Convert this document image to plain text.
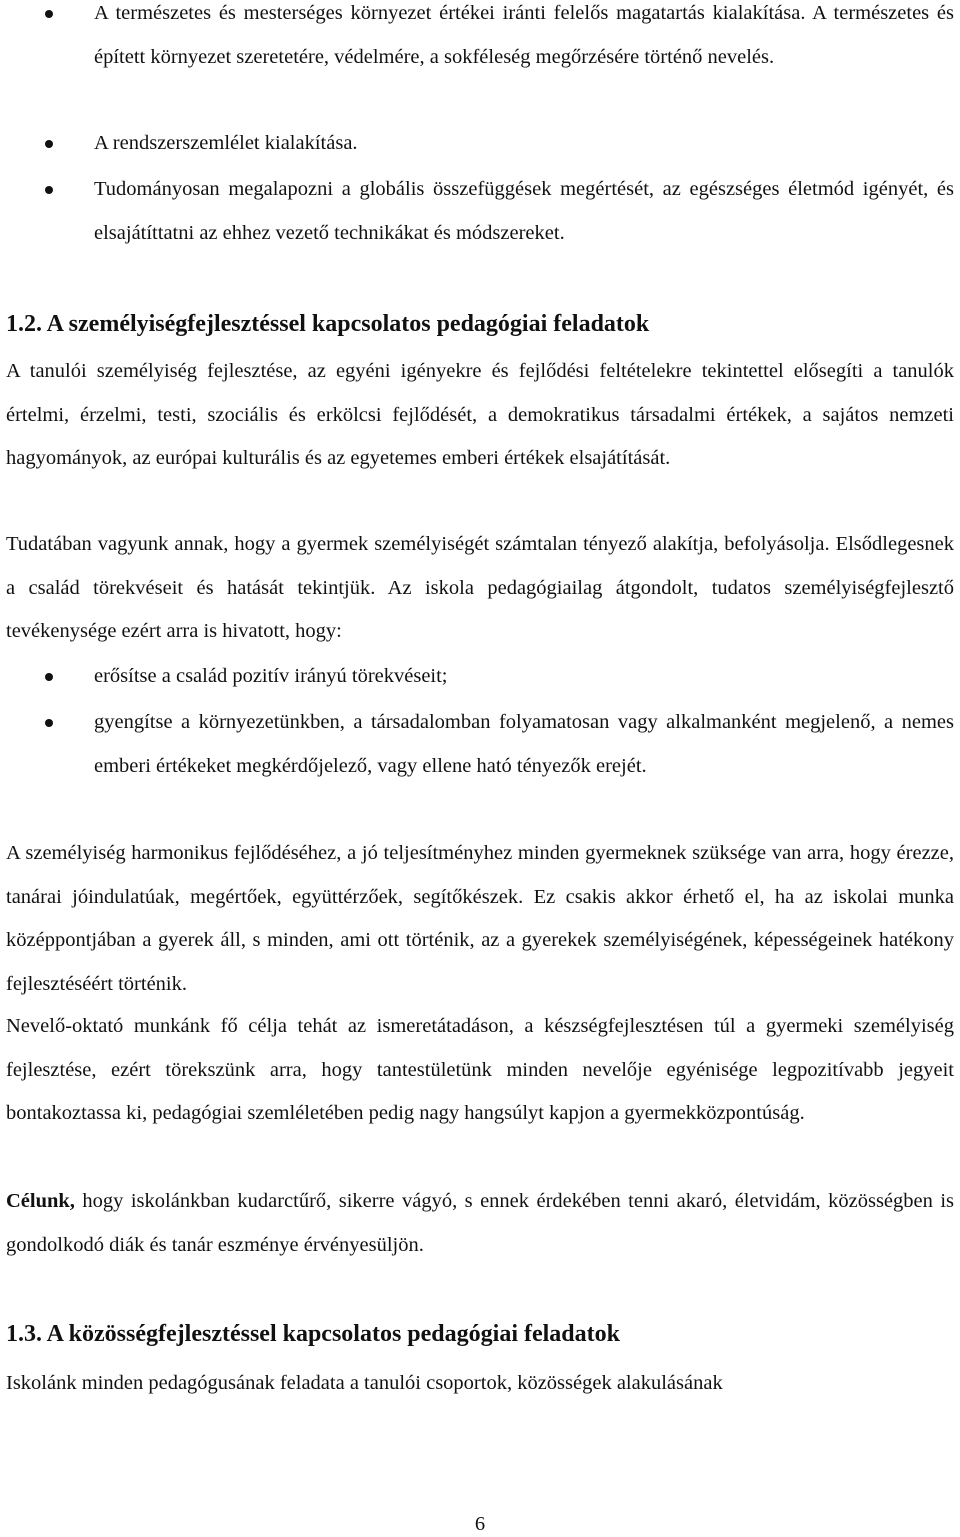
A természetes és mesterséges környezet értékei iránti felelős magatartás kialakítása. A természetes és épített környezet szeretetére, védelmére, a sokféleség megőrzésére történő nevelés.
A rendszerszemlélet kialakítása.
Tudományosan megalapozni a globális összefüggések megértését, az egészséges életmód igényét, és elsajátíttatni az ehhez vezető technikákat és módszereket.
1.2. A személyiségfejlesztéssel kapcsolatos pedagógiai feladatok
A tanulói személyiség fejlesztése, az egyéni igényekre és fejlődési feltételekre tekintettel elősegíti a tanulók értelmi, érzelmi, testi, szociális és erkölcsi fejlődését, a demokratikus társadalmi értékek, a sajátos nemzeti hagyományok, az európai kulturális és az egyetemes emberi értékek elsajátítását.
Tudatában vagyunk annak, hogy a gyermek személyiségét számtalan tényező alakítja, befolyásolja. Elsődlegesnek a család törekvéseit és hatását tekintjük. Az iskola pedagógiailag átgondolt, tudatos személyiségfejlesztő tevékenysége ezért arra is hivatott, hogy:
erősítse a család pozitív irányú törekvéseit;
gyengítse a környezetünkben, a társadalomban folyamatosan vagy alkalmanként megjelenő, a nemes emberi értékeket megkérdőjelező, vagy ellene ható tényezők erejét.
A személyiség harmonikus fejlődéséhez, a jó teljesítményhez minden gyermeknek szüksége van arra, hogy érezze, tanárai jóindulatúak, megértőek, együttérzőek, segítőkészek. Ez csakis akkor érhető el, ha az iskolai munka középpontjában a gyerek áll, s minden, ami ott történik, az a gyerekek személyiségének, képességeinek hatékony fejlesztéséért történik.
Nevelő-oktató munkánk fő célja tehát az ismeretátadáson, a készségfejlesztésen túl a gyermeki személyiség fejlesztése, ezért törekszünk arra, hogy tantestületünk minden nevelője egyénisége legpozitívabb jegyeit bontakoztassa ki, pedagógiai szemléletében pedig nagy hangsúlyt kapjon a gyermekközpontúság.
Célunk, hogy iskolánkban kudarctűrő, sikerre vágyó, s ennek érdekében tenni akaró, életvidám, közösségben is gondolkodó diák és tanár eszménye érvényesüljön.
1.3. A közösségfejlesztéssel kapcsolatos pedagógiai feladatok
Iskolánk minden pedagógusának feladata a tanulói csoportok, közösségek alakulásának
6
